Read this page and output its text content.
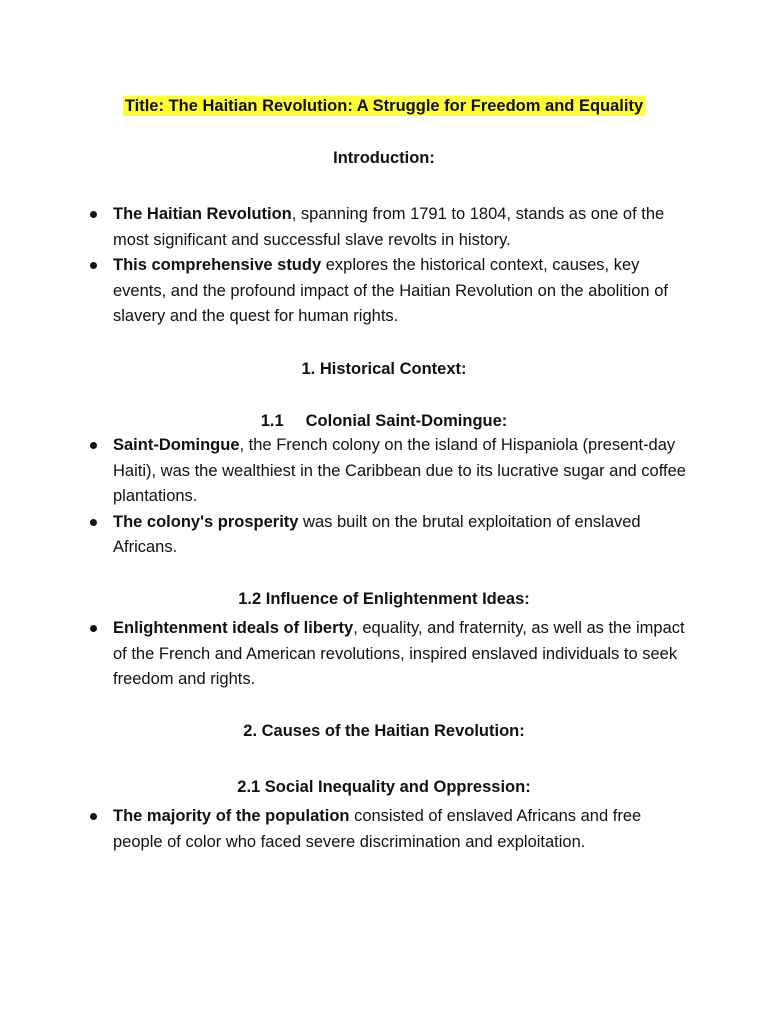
Title: The Haitian Revolution: A Struggle for Freedom and Equality
Introduction:
The Haitian Revolution, spanning from 1791 to 1804, stands as one of the most significant and successful slave revolts in history.
This comprehensive study explores the historical context, causes, key events, and the profound impact of the Haitian Revolution on the abolition of slavery and the quest for human rights.
1. Historical Context:
1.1 Colonial Saint-Domingue:
Saint-Domingue, the French colony on the island of Hispaniola (present-day Haiti), was the wealthiest in the Caribbean due to its lucrative sugar and coffee plantations.
The colony's prosperity was built on the brutal exploitation of enslaved Africans.
1.2 Influence of Enlightenment Ideas:
Enlightenment ideals of liberty, equality, and fraternity, as well as the impact of the French and American revolutions, inspired enslaved individuals to seek freedom and rights.
2. Causes of the Haitian Revolution:
2.1 Social Inequality and Oppression:
The majority of the population consisted of enslaved Africans and free people of color who faced severe discrimination and exploitation.
